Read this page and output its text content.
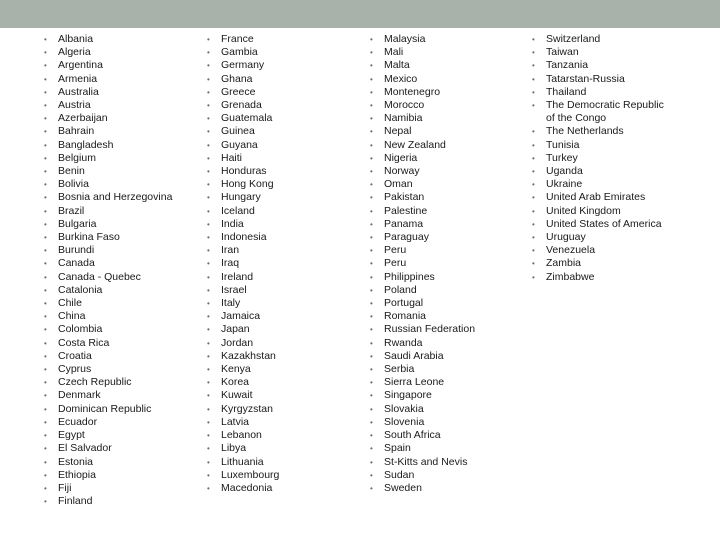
• Albania
• Algeria
• Argentina
• Armenia
• Australia
• Austria
• Azerbaijan
• Bahrain
• Bangladesh
• Belgium
• Benin
• Bolivia
• Bosnia and Herzegovina
• Brazil
• Bulgaria
• Burkina Faso
• Burundi
• Canada
• Canada - Quebec
• Catalonia
• Chile
• China
• Colombia
• Costa Rica
• Croatia
• Cyprus
• Czech Republic
• Denmark
• Dominican Republic
• Ecuador
• Egypt
• El Salvador
• Estonia
• Ethiopia
• Fiji
• Finland
• France
• Gambia
• Germany
• Ghana
• Greece
• Grenada
• Guatemala
• Guinea
• Guyana
• Haiti
• Honduras
• Hong Kong
• Hungary
• Iceland
• India
• Indonesia
• Iran
• Iraq
• Ireland
• Israel
• Italy
• Jamaica
• Japan
• Jordan
• Kazakhstan
• Kenya
• Korea
• Kuwait
• Kyrgyzstan
• Latvia
• Lebanon
• Libya
• Lithuania
• Luxembourg
• Macedonia
• Malaysia
• Mali
• Malta
• Mexico
• Montenegro
• Morocco
• Namibia
• Nepal
• New Zealand
• Nigeria
• Norway
• Oman
• Pakistan
• Palestine
• Panama
• Paraguay
• Peru
• Peru
• Philippines
• Poland
• Portugal
• Romania
• Russian Federation
• Rwanda
• Saudi Arabia
• Serbia
• Sierra Leone
• Singapore
• Slovakia
• Slovenia
• South Africa
• Spain
• St-Kitts and Nevis
• Sudan
• Sweden
• Switzerland
• Taiwan
• Tanzania
• Tatarstan-Russia
• Thailand
• The Democratic Republic of the Congo
• The Netherlands
• Tunisia
• Turkey
• Uganda
• Ukraine
• United Arab Emirates
• United Kingdom
• United States of America
• Uruguay
• Venezuela
• Zambia
• Zimbabwe
